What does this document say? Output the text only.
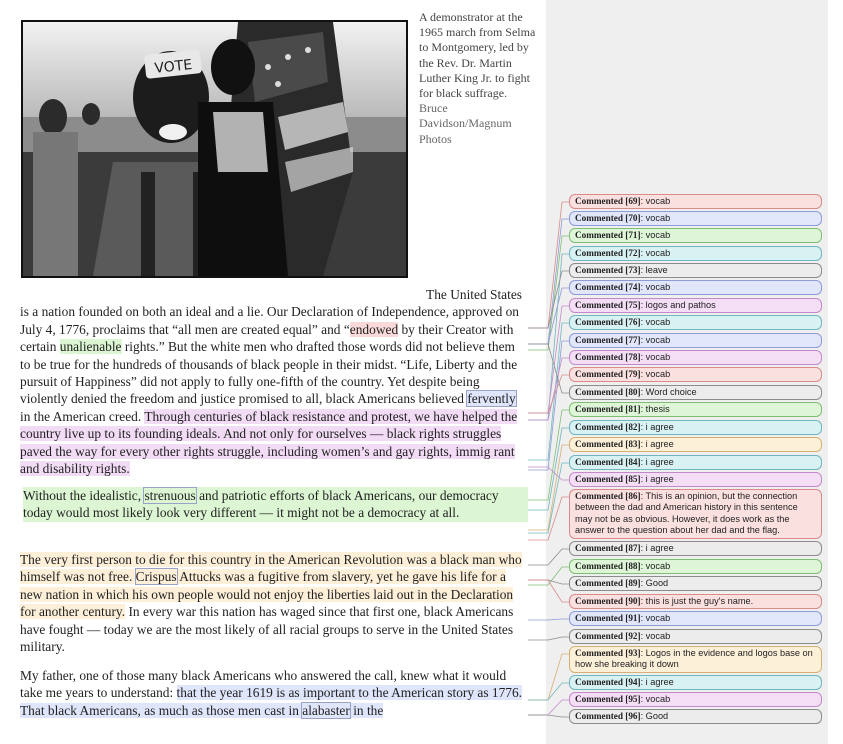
VOTE
A demonstrator at the 1965 march from Selma to Montgomery, led by the Rev. Dr. Martin Luther King Jr. to fight for black suffrage. Bruce Davidson/Magnum Photos

The United States
is a nation founded on both an ideal and a lie. Our Declaration of Independence, approved on July 4, 1776, proclaims that “all men are created equal” and “endowed by their Creator with certain unalienable rights.” But the white men who drafted those words did not believe them to be true for the hundreds of thousands of black people in their midst. “Life, Liberty and the pursuit of Happiness” did not apply to fully one-fifth of the country. Yet despite being violently denied the freedom and justice promised to all, black Americans believed fervently in the American creed. Through centuries of black resistance and protest, we have helped the country live up to its founding ideals. And not only for ourselves — black rights struggles paved the way for every other rights struggle, including women’s and gay rights, immig rant and disability rights.

Without the idealistic, strenuous and patriotic efforts of black Americans, our democracy today would most likely look very different — it might not be a democracy at all.

The very first person to die for this country in the American Revolution was a black man who himself was not free. Crispus Attucks was a fugitive from slavery, yet he gave his life for a new nation in which his own people would not enjoy the liberties laid out in the Declaration for another century. In every war this nation has waged since that first one, black Americans have fought — today we are the most likely of all racial groups to serve in the United States military.

My father, one of those many black Americans who answered the call, knew what it would take me years to understand: that the year 1619 is as important to the American story as 1776. That black Americans, as much as those men cast in alabaster in the

Commented [69]: vocab
Commented [70]: vocab
Commented [71]: vocab
Commented [72]: vocab
Commented [73]: leave
Commented [74]: vocab
Commented [75]: logos and pathos
Commented [76]: vocab
Commented [77]: vocab
Commented [78]: vocab
Commented [79]: vocab
Commented [80]: Word choice
Commented [81]: thesis
Commented [82]: i agree
Commented [83]: i agree
Commented [84]: i agree
Commented [85]: i agree
Commented [86]: This is an opinion, but the connection between the dad and American history in this sentence may not be as obvious. However, it does work as the answer to the question about her dad and the flag.
Commented [87]: i agree
Commented [88]: vocab
Commented [89]: Good
Commented [90]: this is just the guy's name.
Commented [91]: vocab
Commented [92]: vocab
Commented [93]: Logos in the evidence and logos base on how she breaking it down
Commented [94]: i agree
Commented [95]: vocab
Commented [96]: Good
